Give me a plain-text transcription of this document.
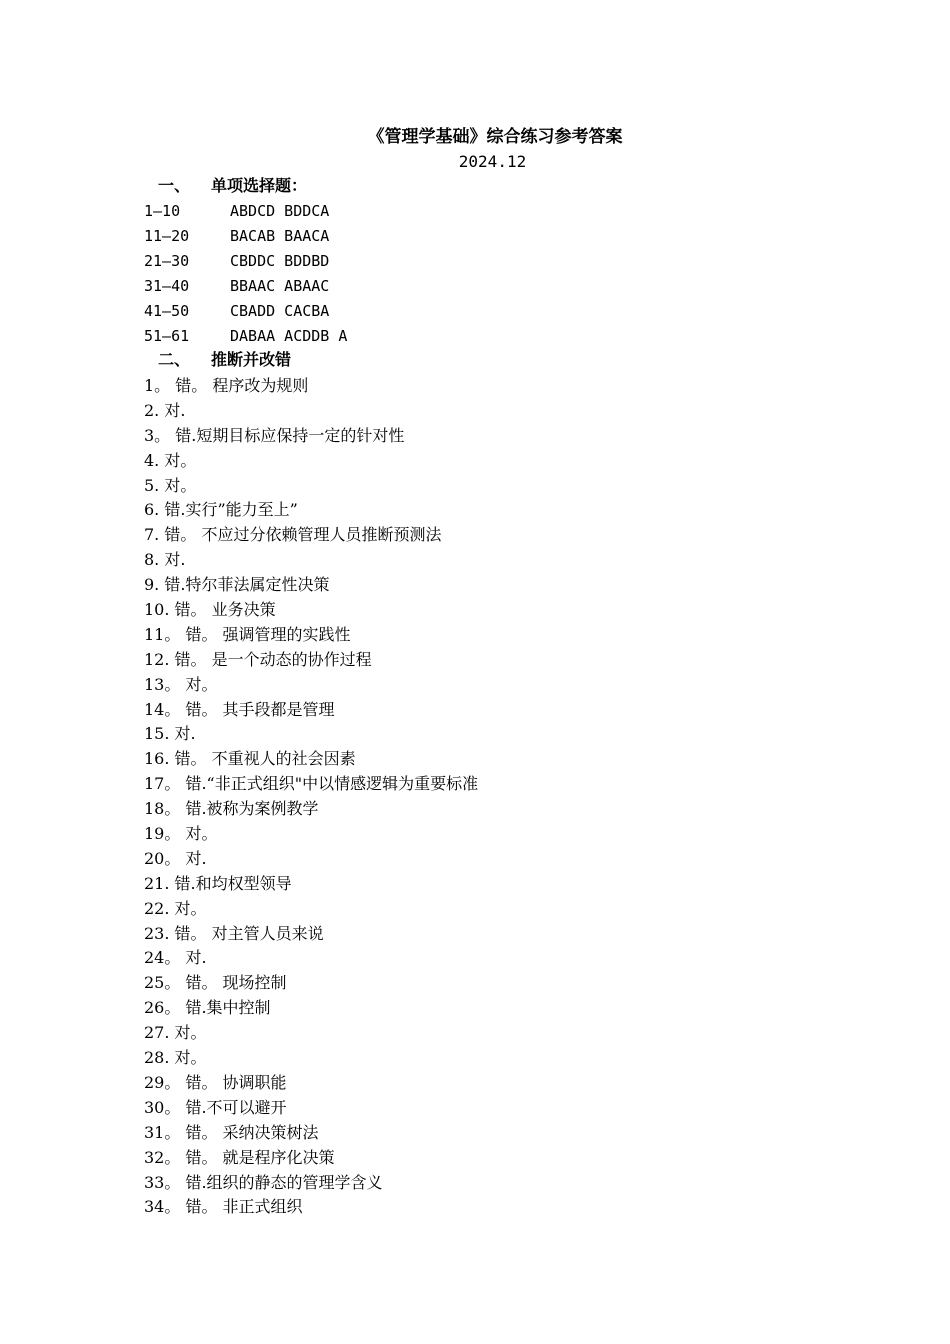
《管理学基础》综合练习参考答案
2024.12
一、 单项选择题：
1—10	ABDCD BDDCA
11—20	BACAB BAACA
21—30	CBDDC BDDBD
31—40	BBAAC ABAAC
41—50	CBADD CACBA
51—61	DABAA ACDDB A
二、 推断并改错
1。 错。 程序改为规则
2. 对.
3。 错.短期目标应保持一定的针对性
4. 对。
5. 对。
6. 错.实行”能力至上”
7. 错。 不应过分依赖管理人员推断预测法
8. 对.
9. 错.特尔菲法属定性决策
10. 错。 业务决策
11。 错。 强调管理的实践性
12. 错。 是一个动态的协作过程
13。 对。
14。 错。 其手段都是管理
15. 对.
16. 错。 不重视人的社会因素
17。 错.“非正式组织"中以情感逻辑为重要标准
18。 错.被称为案例教学
19。 对。
20。 对.
21. 错.和均权型领导
22. 对。
23. 错。 对主管人员来说
24。 对.
25。 错。 现场控制
26。 错.集中控制
27. 对。
28. 对。
29。 错。 协调职能
30。 错.不可以避开
31。 错。 采纳决策树法
32。 错。 就是程序化决策
33。 错.组织的静态的管理学含义
34。 错。 非正式组织
